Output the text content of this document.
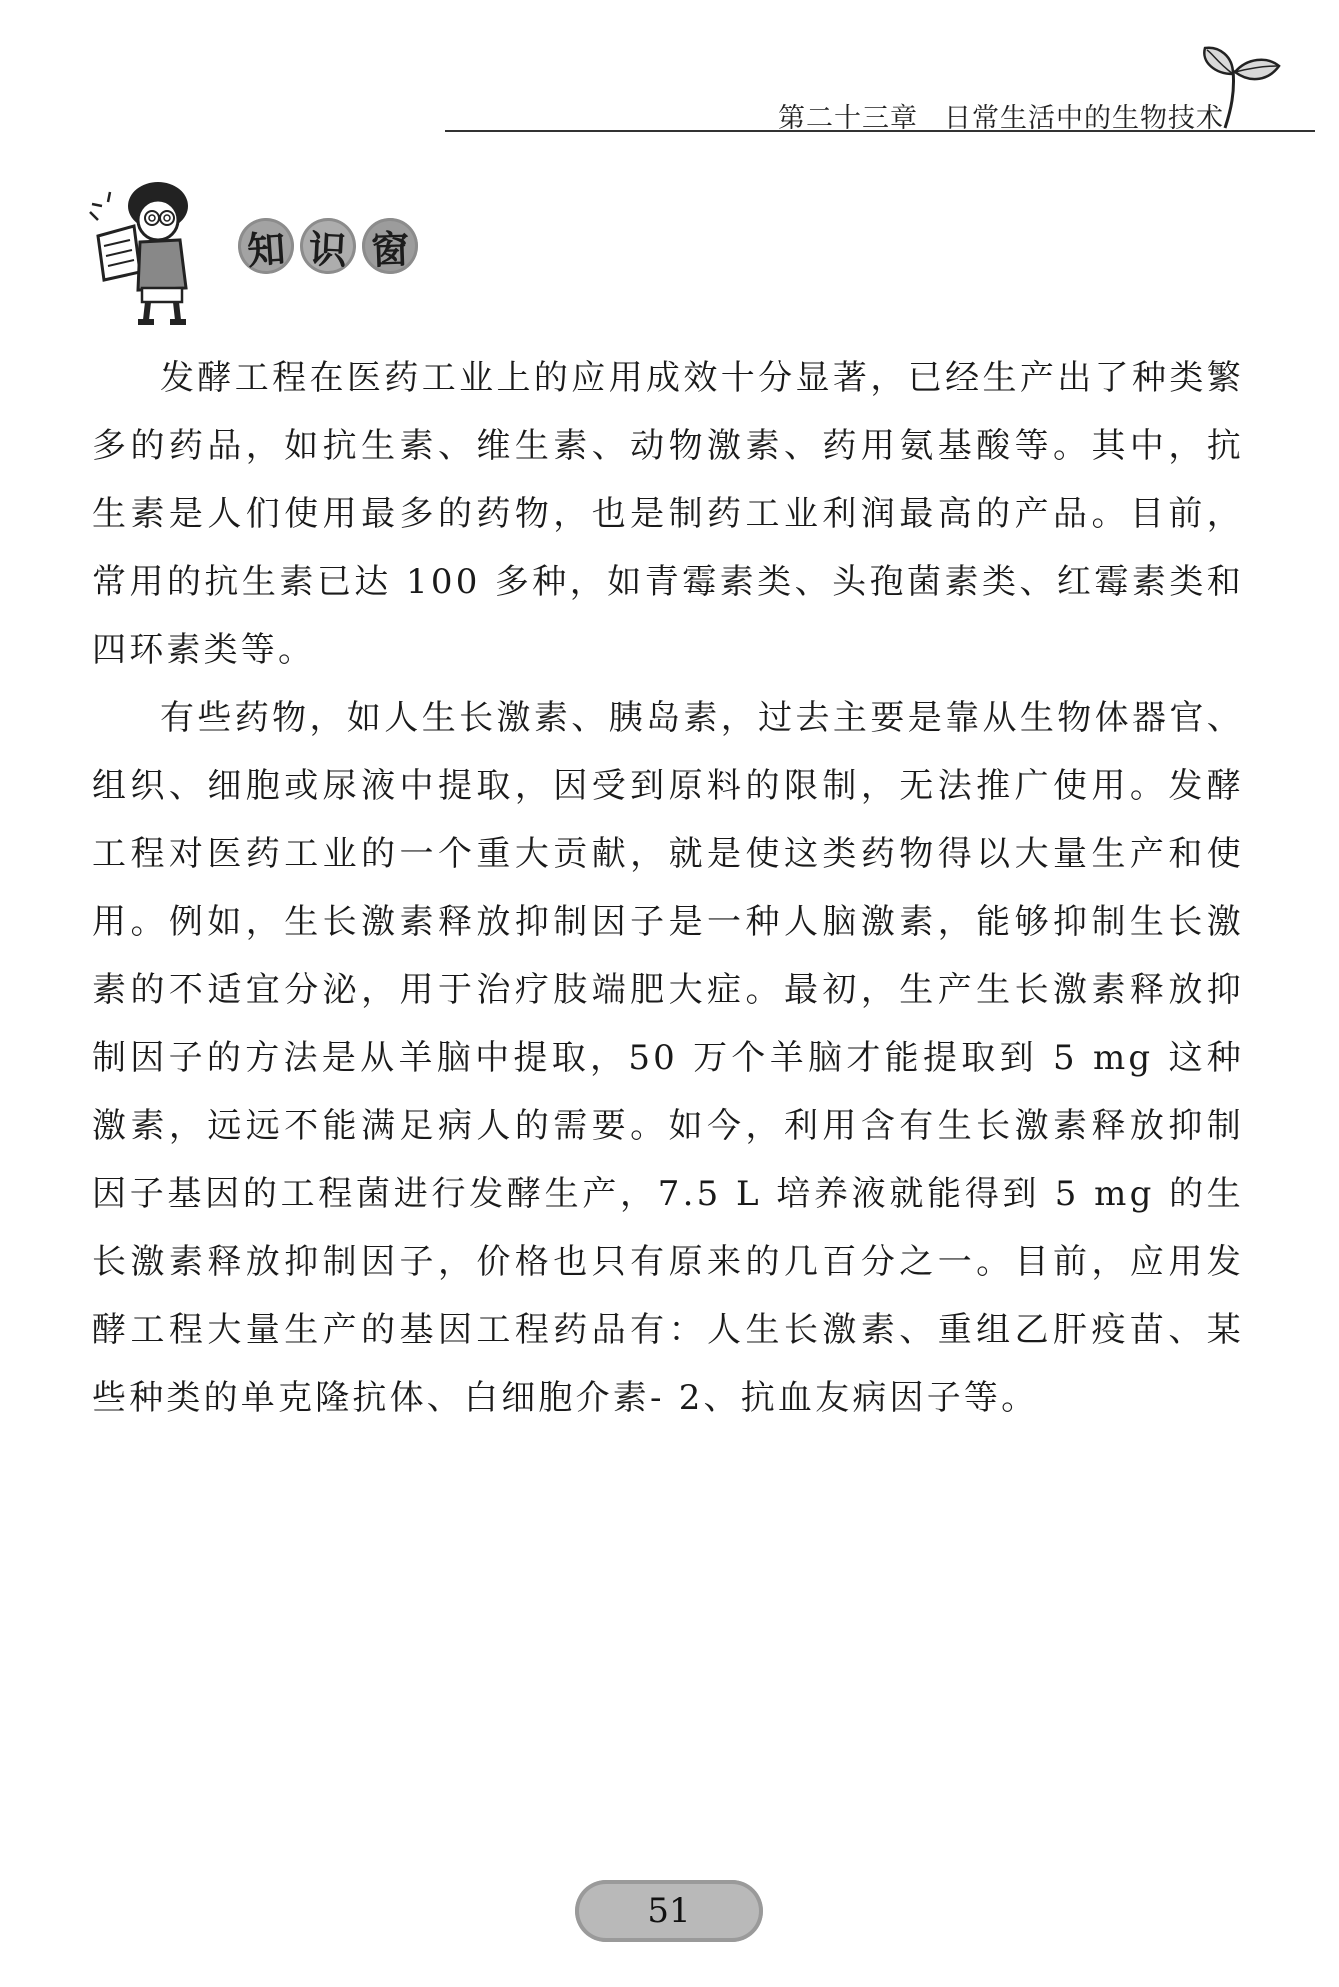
第二十三章 日常生活中的生物技术
知 识 窗

发酵工程在医药工业上的应用成效十分显著，已经生产出了种类繁多的药品，如抗生素、维生素、动物激素、药用氨基酸等。其中，抗生素是人们使用最多的药物，也是制药工业利润最高的产品。目前，常用的抗生素已达 100 多种，如青霉素类、头孢菌素类、红霉素类和四环素类等。

有些药物，如人生长激素、胰岛素，过去主要是靠从生物体器官、组织、细胞或尿液中提取，因受到原料的限制，无法推广使用。发酵工程对医药工业的一个重大贡献，就是使这类药物得以大量生产和使用。例如，生长激素释放抑制因子是一种人脑激素，能够抑制生长激素的不适宜分泌，用于治疗肢端肥大症。最初，生产生长激素释放抑制因子的方法是从羊脑中提取，50 万个羊脑才能提取到 5 mg 这种激素，远远不能满足病人的需要。如今，利用含有生长激素释放抑制因子基因的工程菌进行发酵生产，7.5 L 培养液就能得到 5 mg 的生长激素释放抑制因子，价格也只有原来的几百分之一。目前，应用发酵工程大量生产的基因工程药品有：人生长激素、重组乙肝疫苗、某些种类的单克隆抗体、白细胞介素- 2、抗血友病因子等。

51
